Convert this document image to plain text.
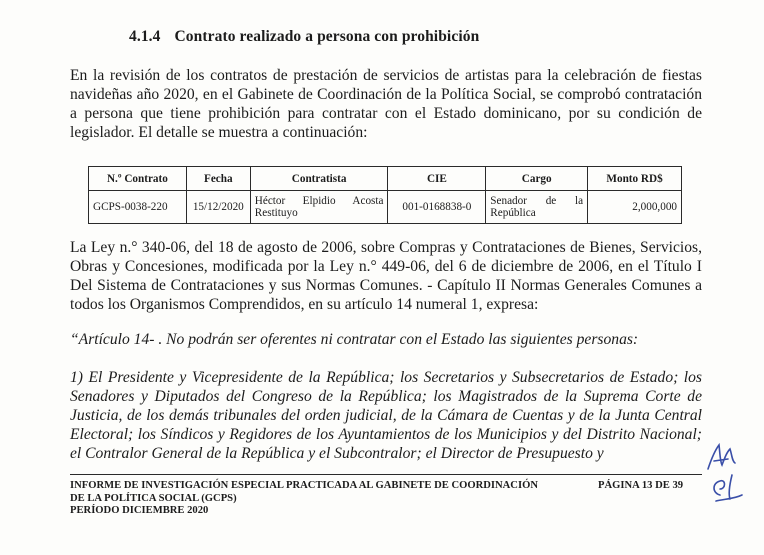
4.1.4 Contrato realizado a persona con prohibición

En la revisión de los contratos de prestación de servicios de artistas para la celebración de fiestas navideñas año 2020, en el Gabinete de Coordinación de la Política Social, se comprobó contratación a persona que tiene prohibición para contratar con el Estado dominicano, por su condición de legislador. El detalle se muestra a continuación:

N.º Contrato	Fecha	Contratista	CIE	Cargo	Monto RD$
GCPS-0038-220	15/12/2020	Héctor Elpidio Acosta Restituyo	001-0168838-0	Senador de la República	2,000,000

La Ley n.° 340-06, del 18 de agosto de 2006, sobre Compras y Contrataciones de Bienes, Servicios, Obras y Concesiones, modificada por la Ley n.° 449-06, del 6 de diciembre de 2006, en el Título I Del Sistema de Contrataciones y sus Normas Comunes. - Capítulo II Normas Generales Comunes a todos los Organismos Comprendidos, en su artículo 14 numeral 1, expresa:

“Artículo 14- . No podrán ser oferentes ni contratar con el Estado las siguientes personas:

1) El Presidente y Vicepresidente de la República; los Secretarios y Subsecretarios de Estado; los Senadores y Diputados del Congreso de la República; los Magistrados de la Suprema Corte de Justicia, de los demás tribunales del orden judicial, de la Cámara de Cuentas y de la Junta Central Electoral; los Síndicos y Regidores de los Ayuntamientos de los Municipios y del Distrito Nacional; el Contralor General de la República y el Subcontralor; el Director de Presupuesto y

INFORME DE INVESTIGACIÓN ESPECIAL PRACTICADA AL GABINETE DE COORDINACIÓN
DE LA POLÍTICA SOCIAL (GCPS)
PERÍODO DICIEMBRE 2020
PÁGINA 13 DE 39
